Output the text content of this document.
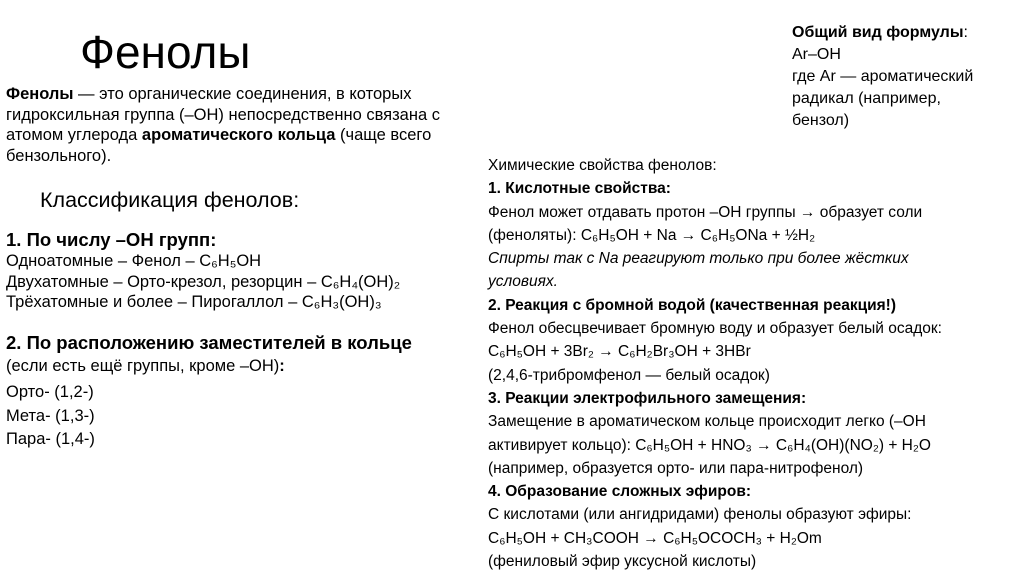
Фенолы	Общий вид формулы:
Ar–OH
где Ar — ароматический
радикал (например,
бензол)
Фенолы — это органические соединения, в которых гидроксильная группа (–OH) непосредственно связана с атомом углерода ароматического кольца (чаще всего бензольного).
Классификация фенолов:
1. По числу –OH групп:
Одноатомные – Фенол – C₆H₅OH
Двухатомные – Орто-крезол, резорцин – C₆H₄(OH)₂
Трёхатомные и более – Пирогаллол – C₆H₃(OH)₃
2. По расположению заместителей в кольце
(если есть ещё группы, кроме –OH):
Орто- (1,2-)
Мета- (1,3-)
Пара- (1,4-)
Химические свойства фенолов:
1. Кислотные свойства:
Фенол может отдавать протон –OH группы → образует соли
(феноляты): C₆H₅OH + Na → C₆H₅ONa + ½H₂
Спирты так с Na реагируют только при более жёстких
условиях.
2. Реакция с бромной водой (качественная реакция!)
Фенол обесцвечивает бромную воду и образует белый осадок:
C₆H₅OH + 3Br₂ → C₆H₂Br₃OH + 3HBr
(2,4,6-трибромфенол — белый осадок)
3. Реакции электрофильного замещения:
Замещение в ароматическом кольце происходит легко (–OH
активирует кольцо): C₆H₅OH + HNO₃ → C₆H₄(OH)(NO₂) + H₂O
(например, образуется орто- или пара-нитрофенол)
4. Образование сложных эфиров:
С кислотами (или ангидридами) фенолы образуют эфиры:
C₆H₅OH + CH₃COOH → C₆H₅OCOCH₃ + H₂Om
(фениловый эфир уксусной кислоты)
